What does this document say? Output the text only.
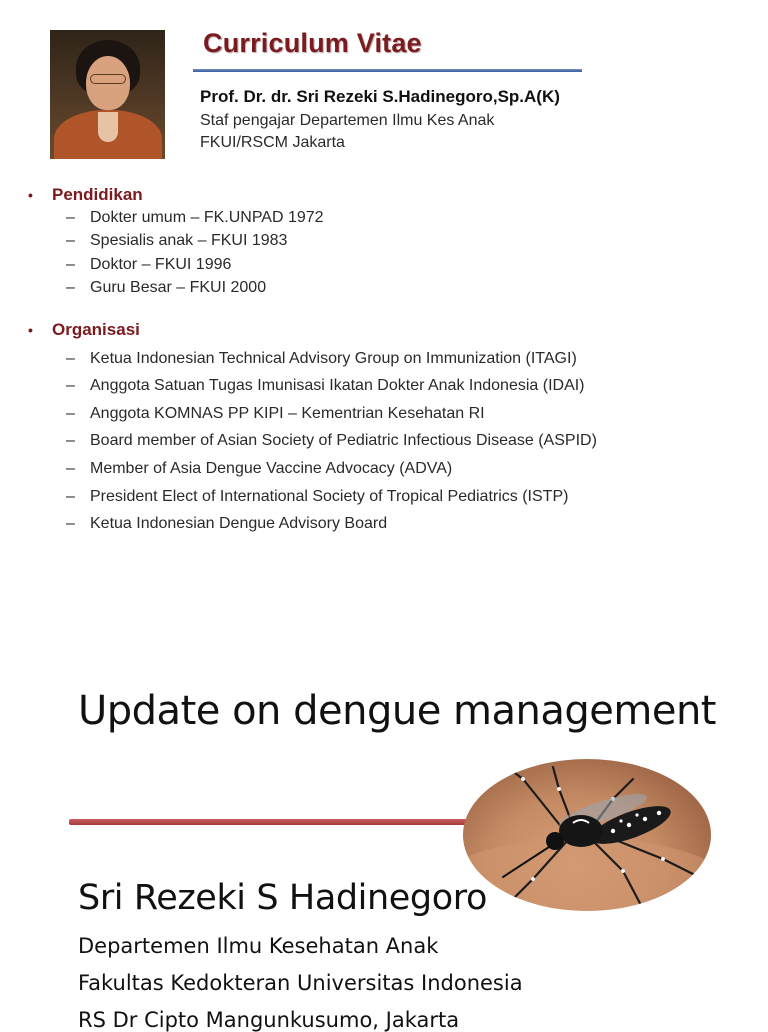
Curriculum Vitae
Prof. Dr. dr. Sri Rezeki S.Hadinegoro,Sp.A(K)
Staf pengajar Departemen Ilmu Kes Anak
FKUI/RSCM Jakarta
• Pendidikan
– Dokter umum – FK.UNPAD 1972
– Spesialis anak – FKUI 1983
– Doktor – FKUI 1996
– Guru Besar – FKUI 2000
• Organisasi
– Ketua Indonesian Technical Advisory Group on Immunization (ITAGI)
– Anggota Satuan Tugas Imunisasi Ikatan Dokter Anak Indonesia (IDAI)
– Anggota KOMNAS PP KIPI – Kementrian Kesehatan RI
– Board member of Asian Society of Pediatric Infectious Disease (ASPID)
– Member of Asia Dengue Vaccine Advocacy (ADVA)
– President Elect of International Society of Tropical Pediatrics (ISTP)
– Ketua Indonesian Dengue Advisory Board
Update on dengue management
Sri Rezeki S Hadinegoro
Departemen Ilmu Kesehatan Anak
Fakultas Kedokteran Universitas Indonesia
RS Dr Cipto Mangunkusumo, Jakarta
